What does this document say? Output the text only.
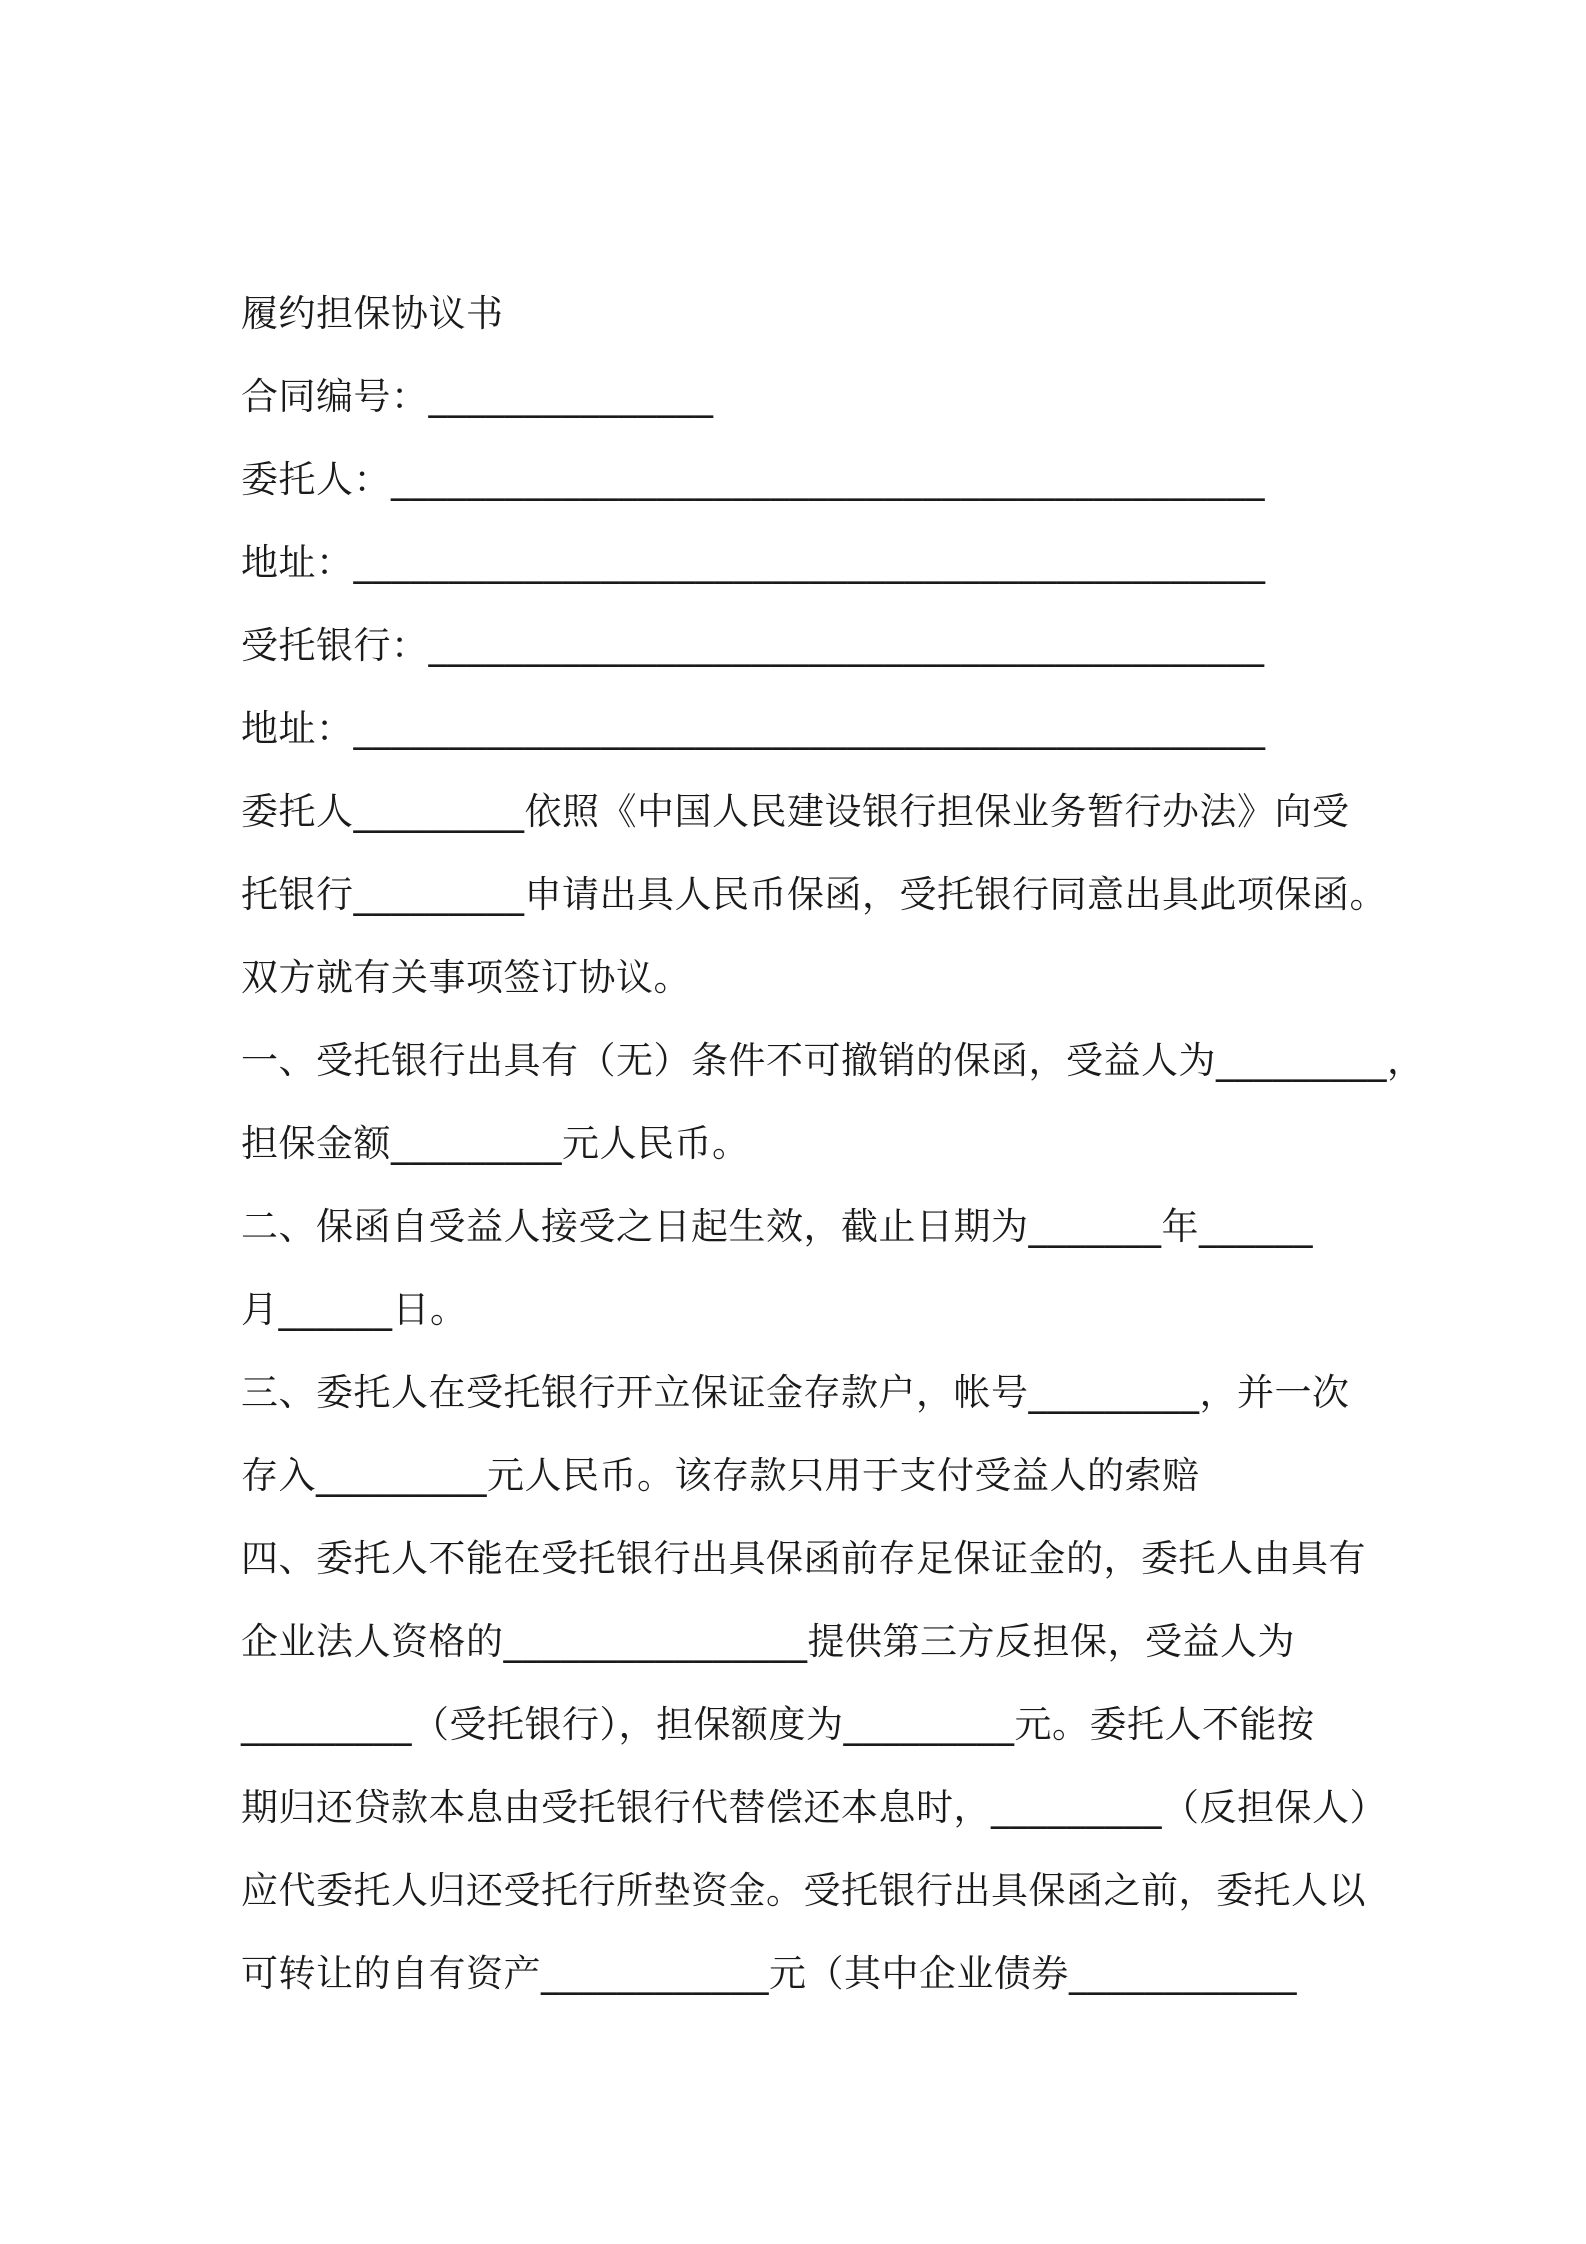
履约担保协议书
合同编号：_______________
委托人：______________________________________________
地址：________________________________________________
受托银行：____________________________________________
地址：________________________________________________
委托人_________依照《中国人民建设银行担保业务暂行办法》向受
托银行_________申请出具人民币保函，受托银行同意出具此项保函。
双方就有关事项签订协议。
一、受托银行出具有（无）条件不可撤销的保函，受益人为_________，
担保金额_________元人民币。
二、保函自受益人接受之日起生效，截止日期为_______年______
月______日。
三、委托人在受托银行开立保证金存款户，帐号_________，并一次
存入_________元人民币。该存款只用于支付受益人的索赔
四、委托人不能在受托银行出具保函前存足保证金的，委托人由具有
企业法人资格的________________提供第三方反担保，受益人为
_________（受托银行），担保额度为_________元。委托人不能按
期归还贷款本息由受托银行代替偿还本息时，_________（反担保人）
应代委托人归还受托行所垫资金。受托银行出具保函之前，委托人以
可转让的自有资产____________元（其中企业债券____________
